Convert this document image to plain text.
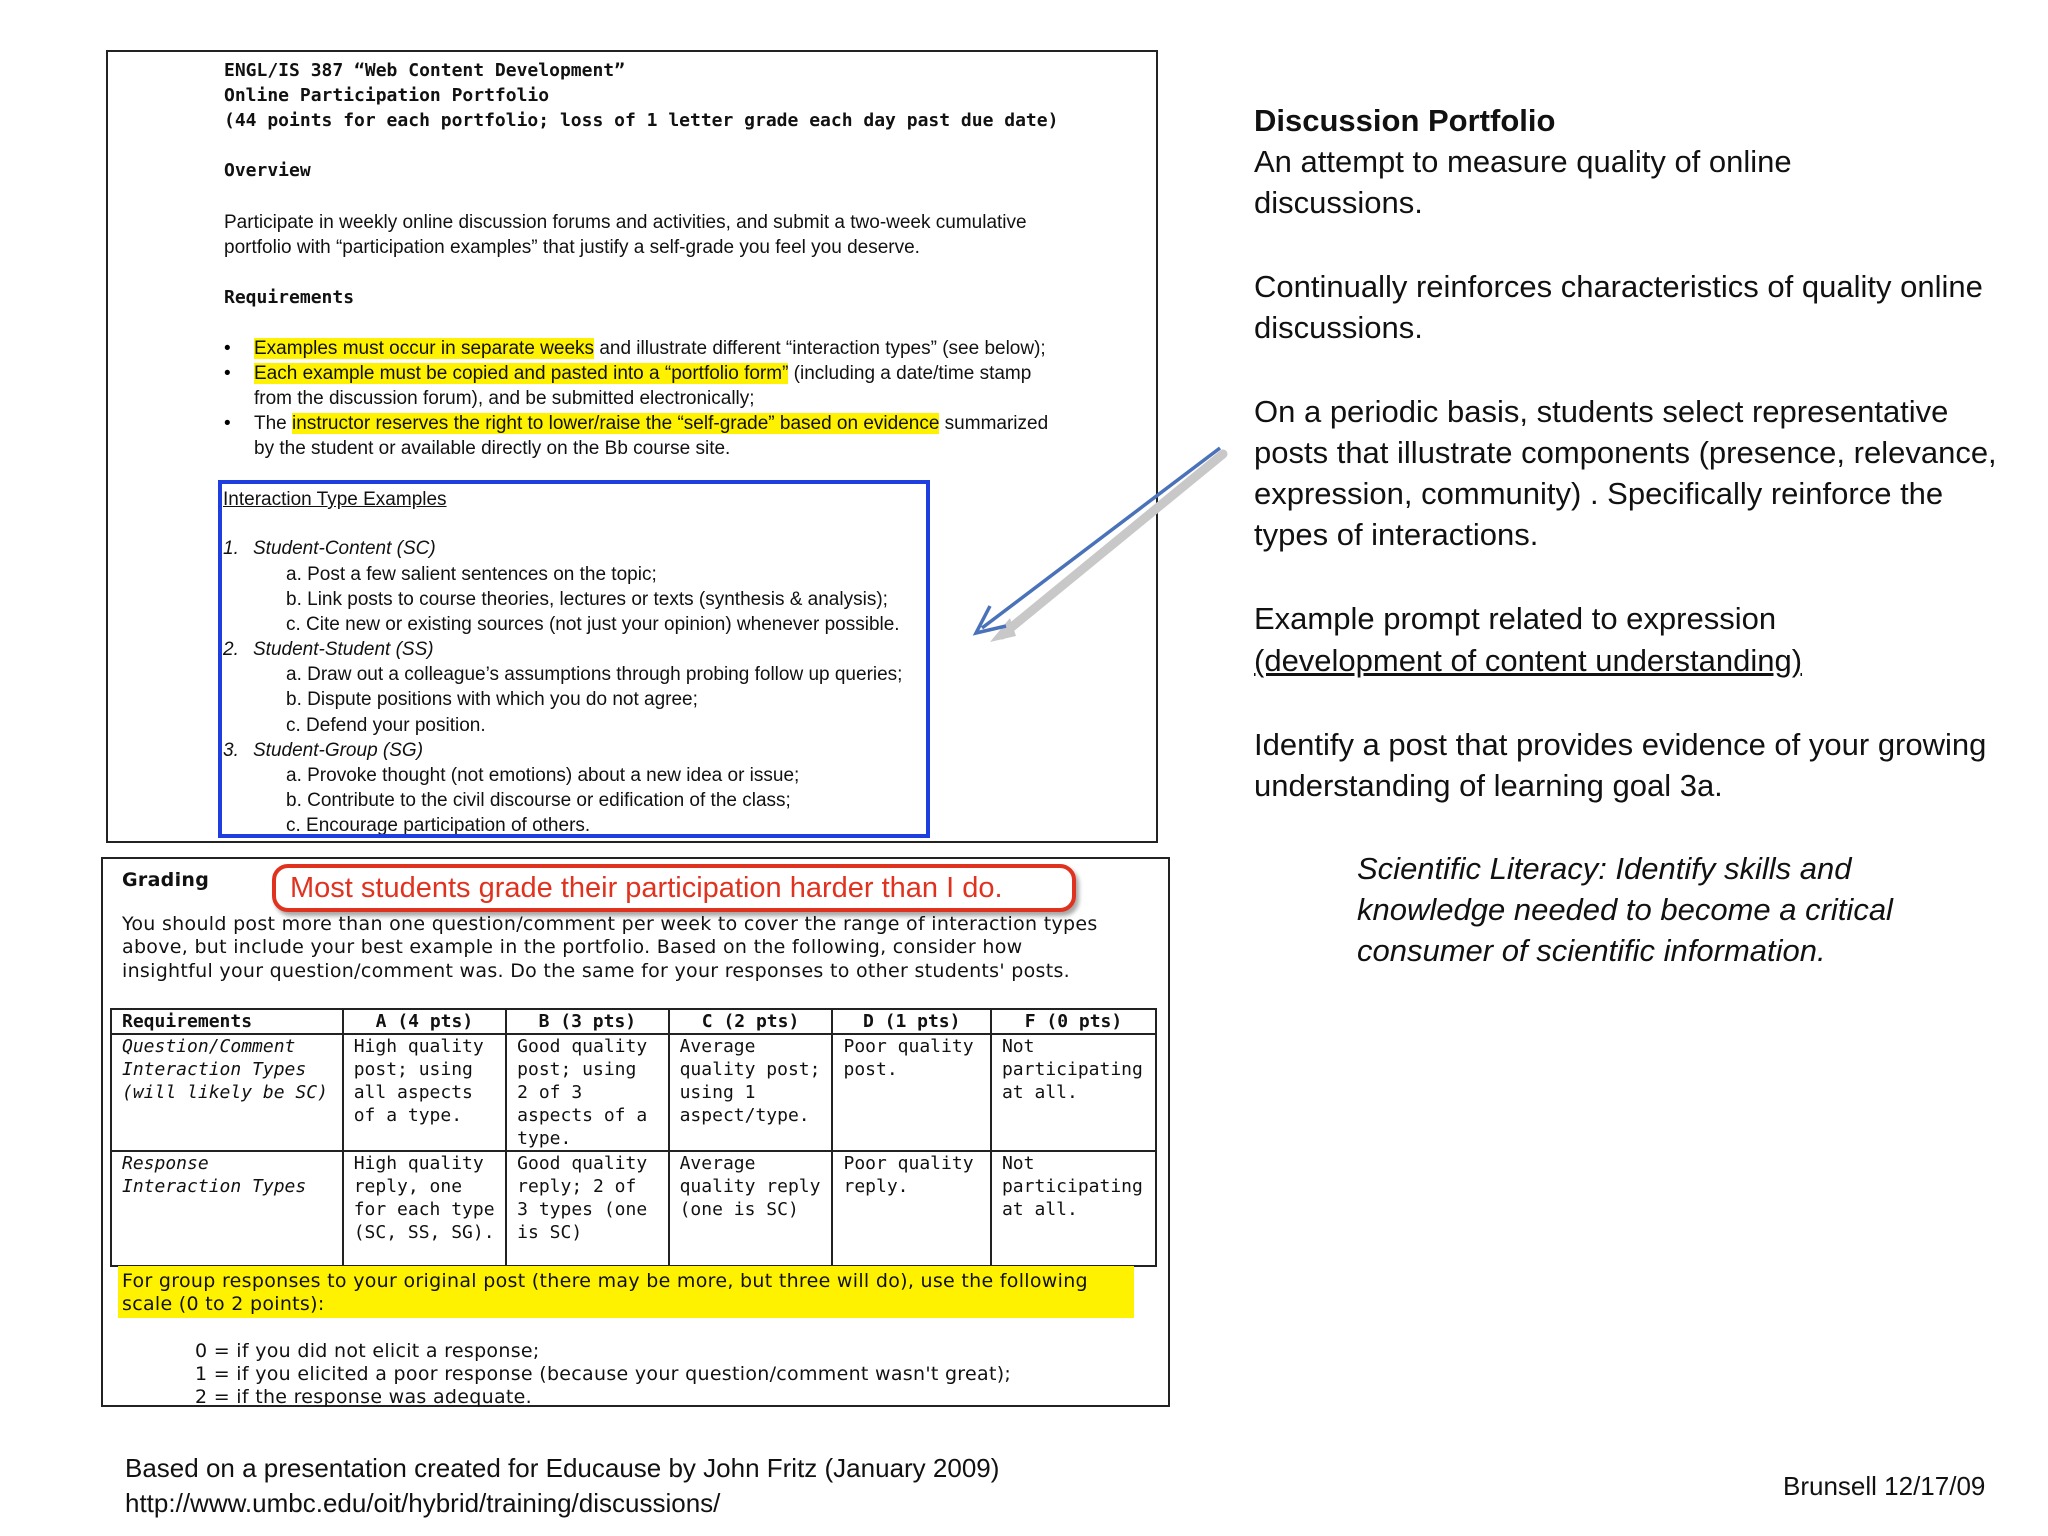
ENGL/IS 387 “Web Content Development”
Online Participation Portfolio
(44 points for each portfolio; loss of 1 letter grade each day past due date)
Overview
Participate in weekly online discussion forums and activities, and submit a two-week cumulative
portfolio with “participation examples” that justify a self-grade you feel you deserve.
Requirements
• Examples must occur in separate weeks and illustrate different “interaction types” (see below);
• Each example must be copied and pasted into a “portfolio form” (including a date/time stamp
from the discussion forum), and be submitted electronically;
• The instructor reserves the right to lower/raise the “self-grade” based on evidence summarized
by the student or available directly on the Bb course site.
Interaction Type Examples
1. Student-Content (SC)
a. Post a few salient sentences on the topic;
b. Link posts to course theories, lectures or texts (synthesis & analysis);
c. Cite new or existing sources (not just your opinion) whenever possible.
2. Student-Student (SS)
a. Draw out a colleague’s assumptions through probing follow up queries;
b. Dispute positions with which you do not agree;
c. Defend your position.
3. Student-Group (SG)
a. Provoke thought (not emotions) about a new idea or issue;
b. Contribute to the civil discourse or edification of the class;
c. Encourage participation of others.
Grading	Most students grade their participation harder than I do.
You should post more than one question/comment per week to cover the range of interaction types
above, but include your best example in the portfolio. Based on the following, consider how
insightful your question/comment was. Do the same for your responses to other students' posts.
Requirements	A (4 pts)	B (3 pts)	C (2 pts)	D (1 pts)	F (0 pts)
Question/Comment Interaction Types (will likely be SC)	High quality post; using all aspects of a type.	Good quality post; using 2 of 3 aspects of a type.	Average quality post; using 1 aspect/type.	Poor quality post.	Not participating at all.
Response Interaction Types	High quality reply, one for each type (SC, SS, SG).	Good quality reply; 2 of 3 types (one is SC)	Average quality reply (one is SC)	Poor quality reply.	Not participating at all.
For group responses to your original post (there may be more, but three will do), use the following
scale (0 to 2 points):
0 = if you did not elicit a response;
1 = if you elicited a poor response (because your question/comment wasn't great);
2 = if the response was adequate.
Discussion Portfolio
An attempt to measure quality of online discussions.
Continually reinforces characteristics of quality online discussions.
On a periodic basis, students select representative posts that illustrate components (presence, relevance, expression, community) . Specifically reinforce the types of interactions.
Example prompt related to expression
(development of content understanding)
Identify a post that provides evidence of your growing understanding of learning goal 3a.
Scientific Literacy: Identify skills and knowledge needed to become a critical consumer of scientific information.
Based on a presentation created for Educause by John Fritz (January 2009)
http://www.umbc.edu/oit/hybrid/training/discussions/
Brunsell 12/17/09
